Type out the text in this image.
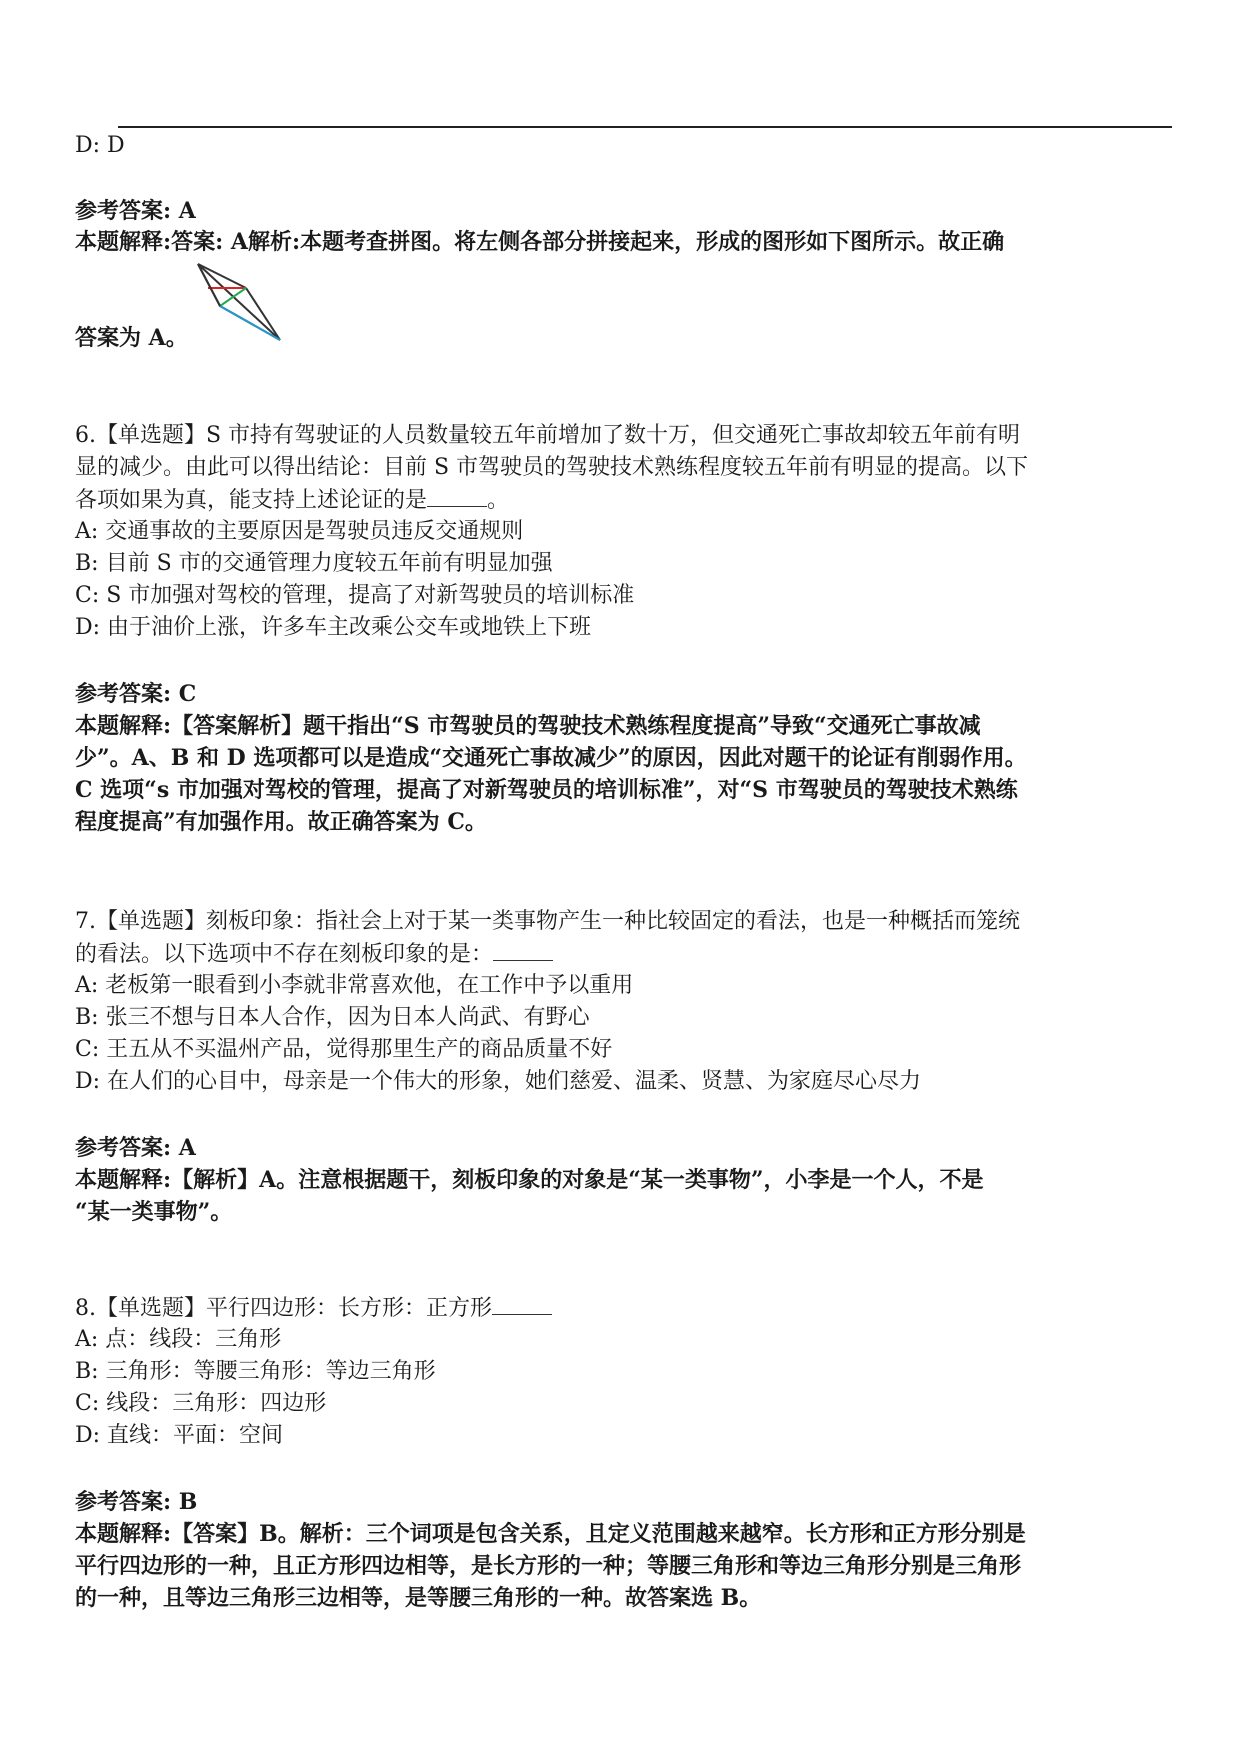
D: D
参考答案: A
本题解释:答案: A解析:本题考查拼图。将左侧各部分拼接起来，形成的图形如下图所示。故正确
答案为 A。
6.【单选题】S 市持有驾驶证的人员数量较五年前增加了数十万，但交通死亡事故却较五年前有明
显的减少。由此可以得出结论：目前 S 市驾驶员的驾驶技术熟练程度较五年前有明显的提高。以下
各项如果为真，能支持上述论证的是	。
A: 交通事故的主要原因是驾驶员违反交通规则
B: 目前 S 市的交通管理力度较五年前有明显加强
C: S 市加强对驾校的管理，提高了对新驾驶员的培训标准
D: 由于油价上涨，许多车主改乘公交车或地铁上下班
参考答案: C
本题解释:【答案解析】题干指出“S 市驾驶员的驾驶技术熟练程度提高”导致“交通死亡事故减
少”。A、B 和 D 选项都可以是造成“交通死亡事故减少”的原因，因此对题干的论证有削弱作用。
C 选项“s 市加强对驾校的管理，提高了对新驾驶员的培训标准”，对“S 市驾驶员的驾驶技术熟练
程度提高”有加强作用。故正确答案为 C。
7.【单选题】刻板印象：指社会上对于某一类事物产生一种比较固定的看法，也是一种概括而笼统
的看法。以下选项中不存在刻板印象的是：
A: 老板第一眼看到小李就非常喜欢他，在工作中予以重用
B: 张三不想与日本人合作，因为日本人尚武、有野心
C: 王五从不买温州产品，觉得那里生产的商品质量不好
D: 在人们的心目中，母亲是一个伟大的形象，她们慈爱、温柔、贤慧、为家庭尽心尽力
参考答案: A
本题解释:【解析】A。注意根据题干，刻板印象的对象是“某一类事物”，小李是一个人，不是
“某一类事物”。
8.【单选题】平行四边形：长方形：正方形
A: 点：线段：三角形
B: 三角形：等腰三角形：等边三角形
C: 线段：三角形：四边形
D: 直线：平面：空间
参考答案: B
本题解释:【答案】B。解析：三个词项是包含关系，且定义范围越来越窄。长方形和正方形分别是
平行四边形的一种，且正方形四边相等，是长方形的一种；等腰三角形和等边三角形分别是三角形
的一种，且等边三角形三边相等，是等腰三角形的一种。故答案选 B。
